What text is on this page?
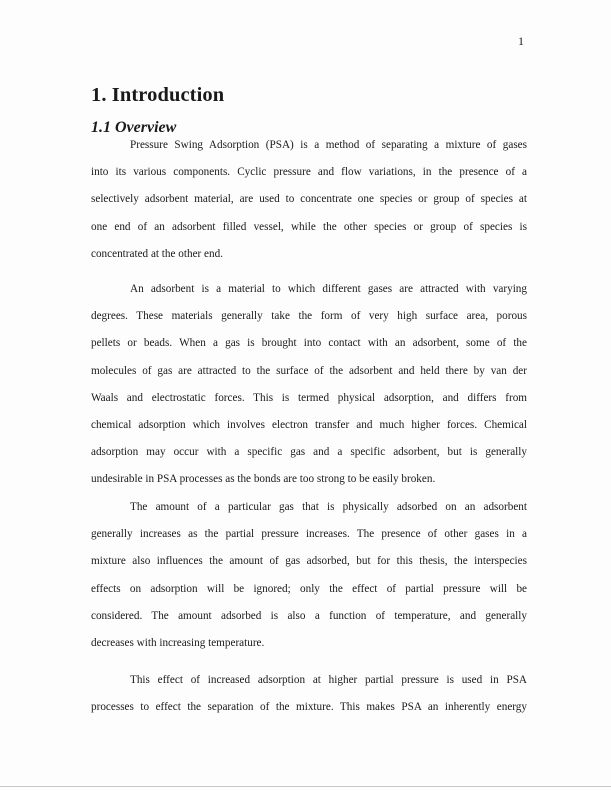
1
1. Introduction
1.1 Overview

Pressure Swing Adsorption (PSA) is a method of separating a mixture of gases
into its various components. Cyclic pressure and flow variations, in the presence of a
selectively adsorbent material, are used to concentrate one species or group of species at
one end of an adsorbent filled vessel, while the other species or group of species is
concentrated at the other end.

An adsorbent is a material to which different gases are attracted with varying
degrees. These materials generally take the form of very high surface area, porous
pellets or beads. When a gas is brought into contact with an adsorbent, some of the
molecules of gas are attracted to the surface of the adsorbent and held there by van der
Waals and electrostatic forces. This is termed physical adsorption, and differs from
chemical adsorption which involves electron transfer and much higher forces. Chemical
adsorption may occur with a specific gas and a specific adsorbent, but is generally
undesirable in PSA processes as the bonds are too strong to be easily broken.

The amount of a particular gas that is physically adsorbed on an adsorbent
generally increases as the partial pressure increases. The presence of other gases in a
mixture also influences the amount of gas adsorbed, but for this thesis, the interspecies
effects on adsorption will be ignored; only the effect of partial pressure will be
considered. The amount adsorbed is also a function of temperature, and generally
decreases with increasing temperature.

This effect of increased adsorption at higher partial pressure is used in PSA
processes to effect the separation of the mixture. This makes PSA an inherently energy
